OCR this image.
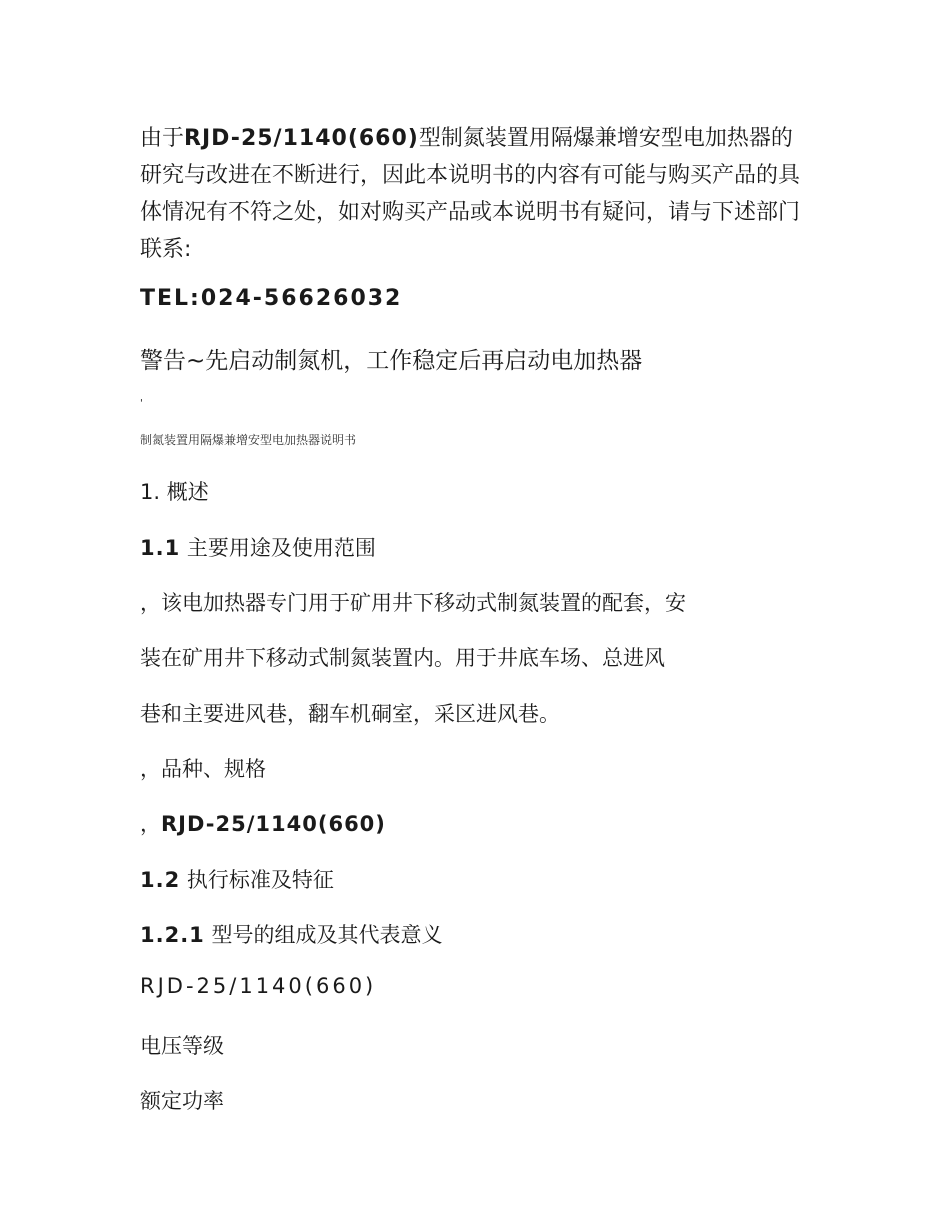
由于RJD-25/1140(660)型制氮装置用隔爆兼增安型电加热器的研究与改进在不断进行，因此本说明书的内容有可能与购买产品的具体情况有不符之处，如对购买产品或本说明书有疑问，请与下述部门联系:

TEL:024-56626032

警告~先启动制氮机，工作稳定后再启动电加热器

'

制氮装置用隔爆兼增安型电加热器说明书

1. 概述

1.1 主要用途及使用范围

，该电加热器专门用于矿用井下移动式制氮装置的配套，安

装在矿用井下移动式制氮装置内。用于井底车场、总进风

巷和主要进风巷，翻车机硐室，采区进风巷。

，品种、规格

，RJD-25/1140(660)

1.2 执行标准及特征

1.2.1 型号的组成及其代表意义

RJD-25/1140(660)

电压等级

额定功率
